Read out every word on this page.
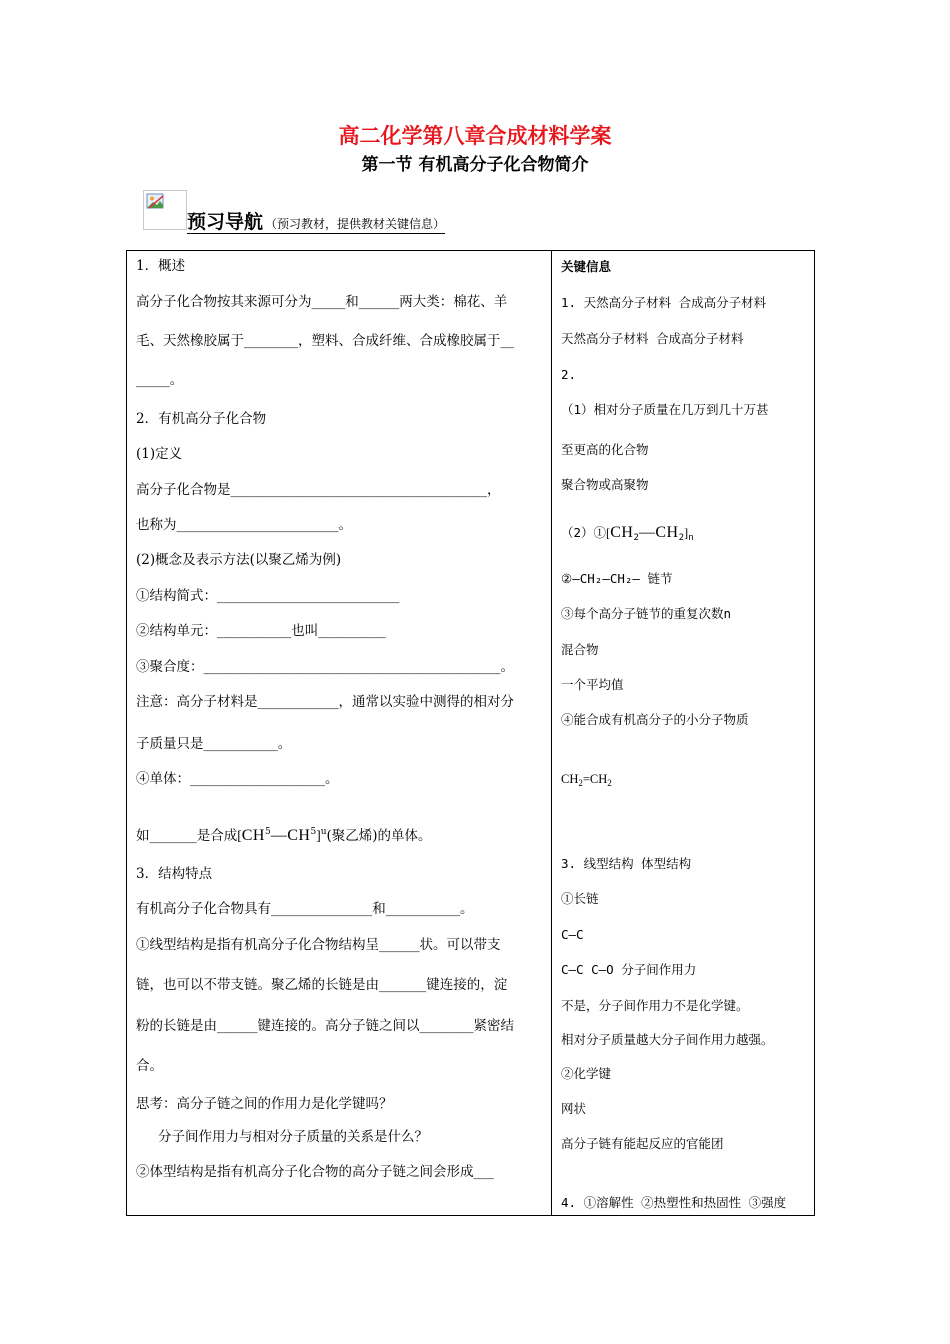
高二化学第八章合成材料学案
第一节 有机高分子化合物简介
预习导航 （预习教材，提供教材关键信息）
1．概述
高分子化合物按其来源可分为_____和______两大类：棉花、羊
毛、天然橡胶属于________，塑料、合成纤维、合成橡胶属于__
_____。
2．有机高分子化合物
(1)定义
高分子化合物是______________________________________，
也称为________________________。
(2)概念及表示方法(以聚乙烯为例)
①结构简式：___________________________
②结构单元：___________也叫__________
③聚合度：____________________________________________。
注意：高分子材料是____________，通常以实验中测得的相对分
子质量只是___________。
④单体：____________________。
如_______是合成$[CH^5—CH^5]^u$(聚乙烯)的单体。
3．结构特点
有机高分子化合物具有_______________和___________。
①线型结构是指有机高分子化合物结构呈______状。可以带支
链，也可以不带支链。聚乙烯的长链是由_______键连接的，淀
粉的长链是由______键连接的。高分子链之间以________紧密结
合。
思考：高分子链之间的作用力是化学键吗？
分子间作用力与相对分子质量的关系是什么？
②体型结构是指有机高分子化合物的高分子链之间会形成___
关键信息
1. 天然高分子材料 合成高分子材料
天然高分子材料 合成高分子材料
2.
（1）相对分子质量在几万到几十万甚
至更高的化合物
聚合物或高聚物
$(2)①[CH_2—CH_2]_n$
②—CH₂—CH₂— 链节
③每个高分子链节的重复次数n
混合物
一个平均值
④能合成有机高分子的小分子物质
$CH_2=CH_2$
3. 线型结构 体型结构
①长链
C—C
C—C C—O 分子间作用力
不是，分子间作用力不是化学键。
相对分子质量越大分子间作用力越强。
②化学键
网状
高分子链有能起反应的官能团
4. ①溶解性 ②热塑性和热固性 ③强度
